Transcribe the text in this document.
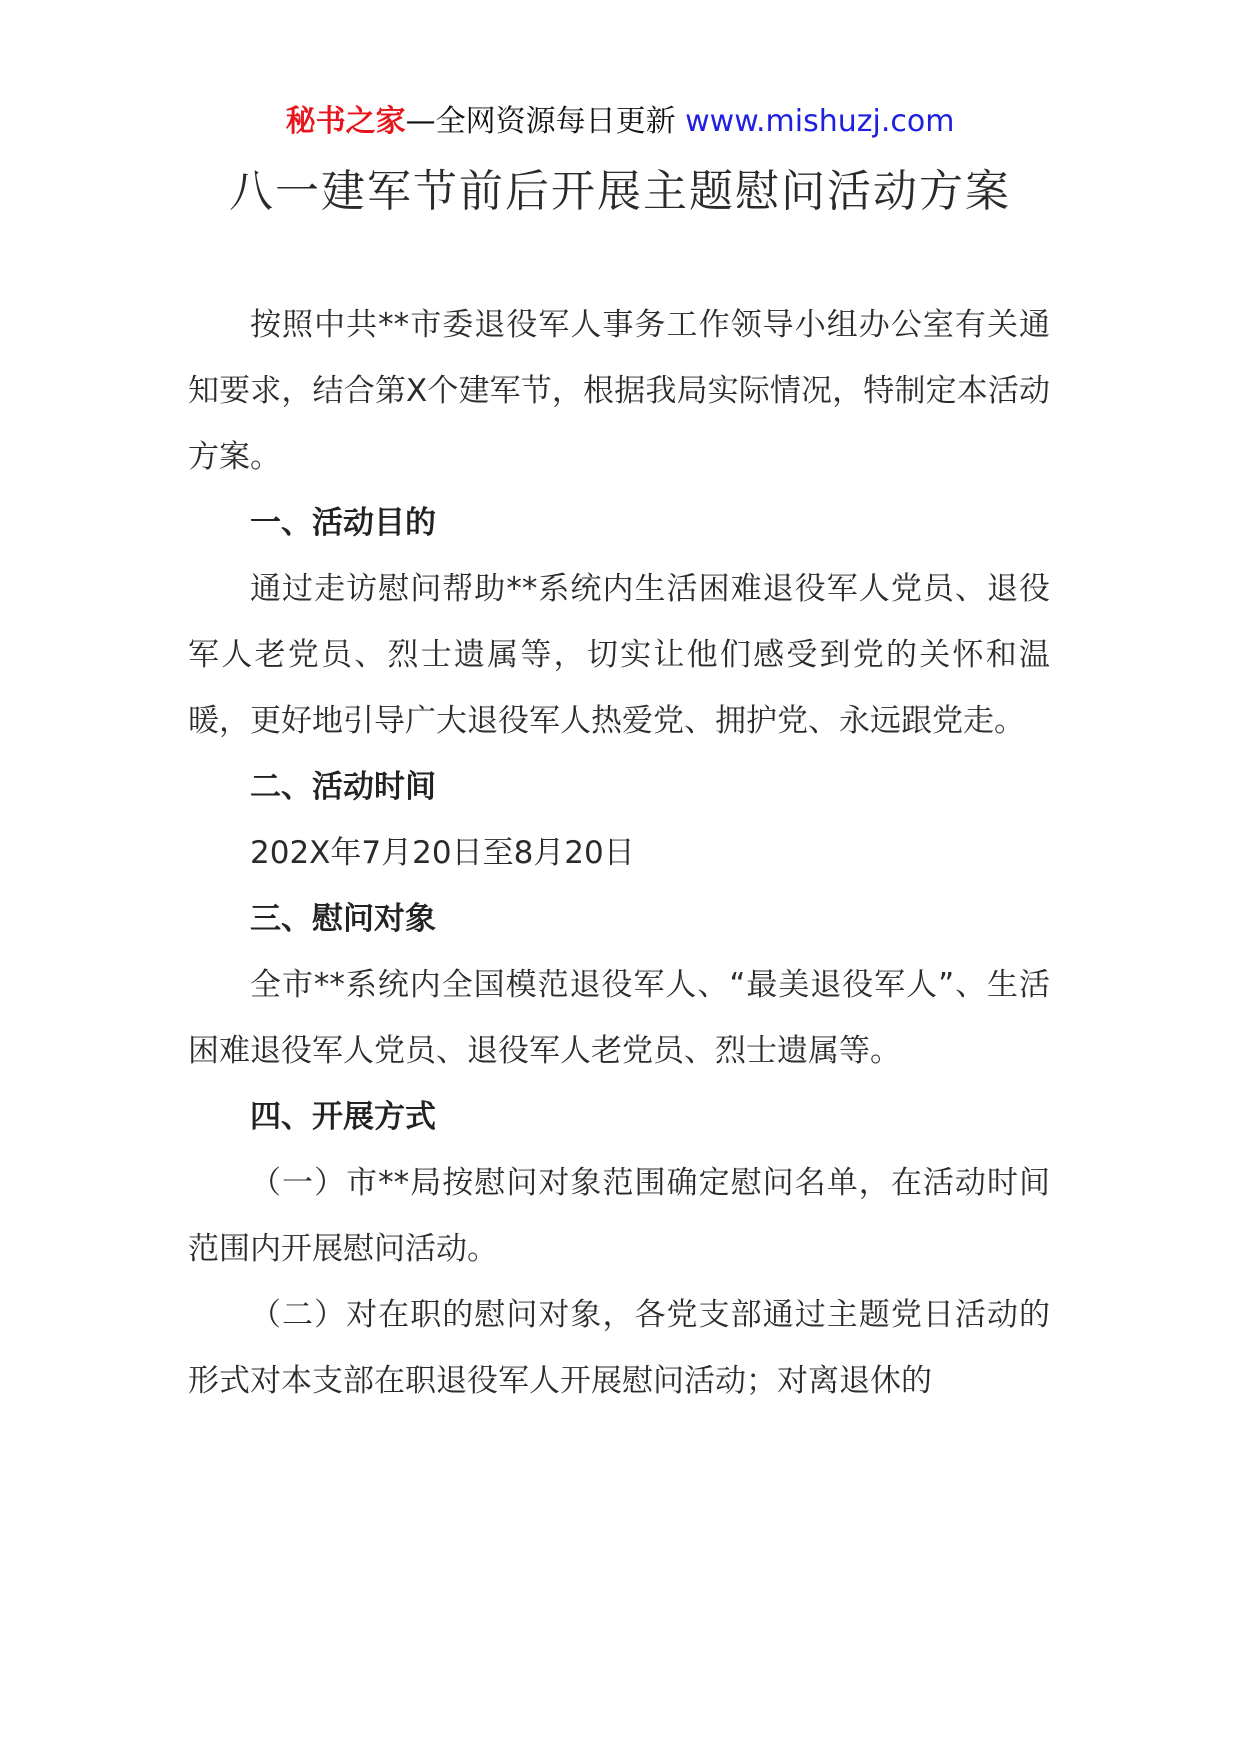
秘书之家—全网资源每日更新 www.mishuzj.com
八一建军节前后开展主题慰问活动方案

按照中共**市委退役军人事务工作领导小组办公室有关通知要求，结合第X个建军节，根据我局实际情况，特制定本活动方案。

一、活动目的

通过走访慰问帮助**系统内生活困难退役军人党员、退役军人老党员、烈士遗属等，切实让他们感受到党的关怀和温暖，更好地引导广大退役军人热爱党、拥护党、永远跟党走。

二、活动时间

202X年7月20日至8月20日

三、慰问对象

全市**系统内全国模范退役军人、“最美退役军人”、生活困难退役军人党员、退役军人老党员、烈士遗属等。

四、开展方式

（一）市**局按慰问对象范围确定慰问名单，在活动时间范围内开展慰问活动。

（二）对在职的慰问对象，各党支部通过主题党日活动的形式对本支部在职退役军人开展慰问活动；对离退休的
